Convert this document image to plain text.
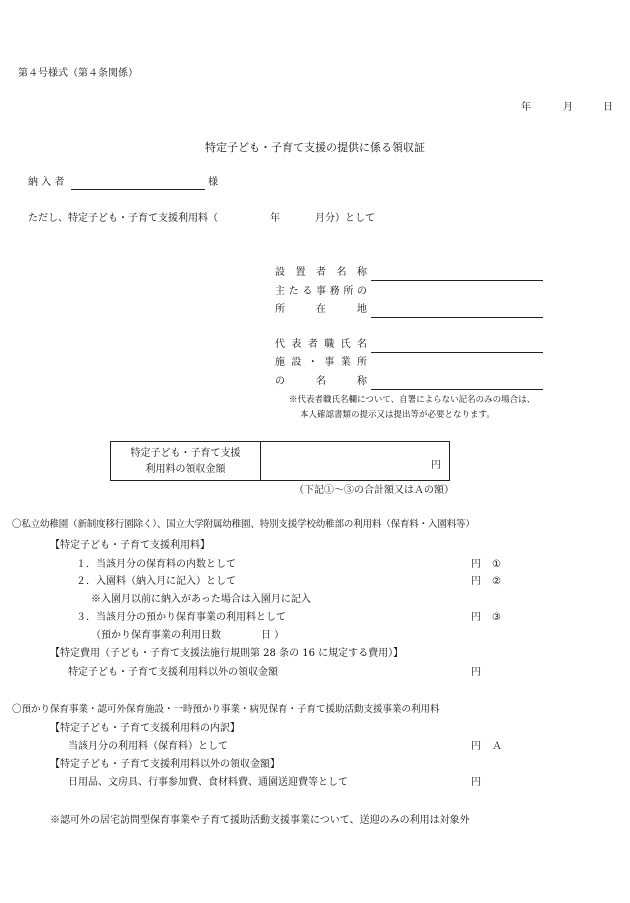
第４号様式（第４条関係）
年	月	日
特定子ども・子育て支援の提供に係る領収証
納 入 者	様
ただし、特定子ども・子育て支援利用料（	年	月分）として
設置者名称
主たる事務所の
所在地
代表者職氏名
施設・事業所
の名称
※代表者職氏名欄について、自署によらない記名のみの場合は、
本人確認書類の提示又は提出等が必要となります。
特定子ども・子育て支援
利用料の領収金額	円
（下記①～③の合計額又はＡの額）
〇私立幼稚園（新制度移行園除く）、国立大学附属幼稚園、特別支援学校幼稚部の利用料（保育料・入園料等）
【特定子ども・子育て支援利用料】
１．当該月分の保育料の内数として	円 ①
２．入園料（納入月に記入）として	円 ②
※入園月以前に納入があった場合は入園月に記入
３．当該月分の預かり保育事業の利用料として	円 ③
（預かり保育事業の利用日数　　　　日 ）
【特定費用（子ども・子育て支援法施行規則第 28 条の 16 に規定する費用）】
特定子ども・子育て支援利用料以外の領収金額	円
〇預かり保育事業・認可外保育施設・一時預かり事業・病児保育・子育て援助活動支援事業の利用料
【特定子ども・子育て支援利用料の内訳】
当該月分の利用料（保育料）として	円 Ａ
【特定子ども・子育て支援利用料以外の領収金額】
日用品、文房具、行事参加費、食材料費、通園送迎費等として	円
※認可外の居宅訪問型保育事業や子育て援助活動支援事業について、送迎のみの利用は対象外
